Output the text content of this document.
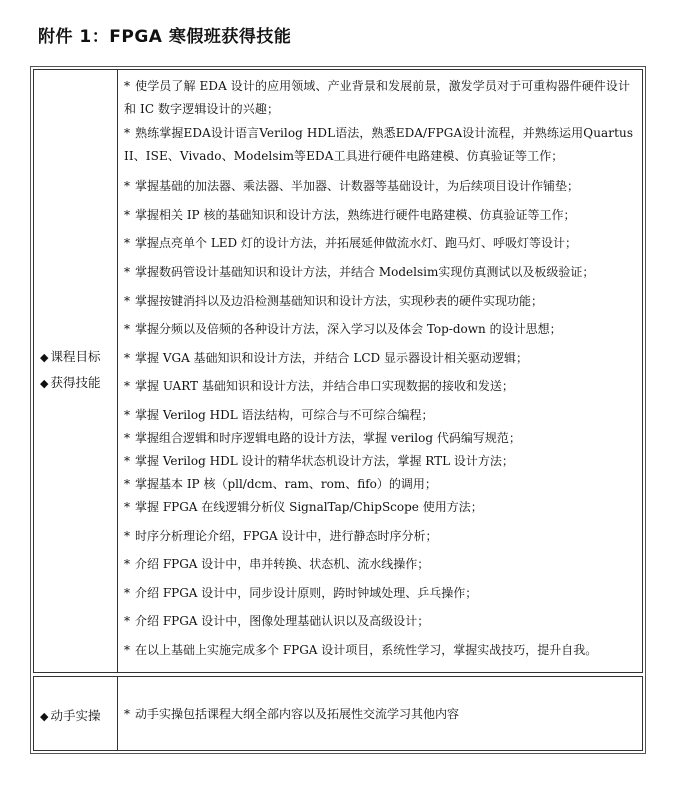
附件 1：FPGA 寒假班获得技能
◆ 课程目标
◆ 获得技能
* 使学员了解 EDA 设计的应用领域、产业背景和发展前景，激发学员对于可重构器件硬件设计和 IC 数字逻辑设计的兴趣；
* 熟练掌握EDA设计语言Verilog HDL语法，熟悉EDA/FPGA设计流程，并熟练运用Quartus II、ISE、Vivado、Modelsim等EDA工具进行硬件电路建模、仿真验证等工作；
* 掌握基础的加法器、乘法器、半加器、计数器等基础设计，为后续项目设计作铺垫；
* 掌握相关 IP 核的基础知识和设计方法，熟练进行硬件电路建模、仿真验证等工作；
* 掌握点亮单个 LED 灯的设计方法，并拓展延伸做流水灯、跑马灯、呼吸灯等设计；
* 掌握数码管设计基础知识和设计方法，并结合 Modelsim实现仿真测试以及板级验证；
* 掌握按键消抖以及边沿检测基础知识和设计方法，实现秒表的硬件实现功能；
* 掌握分频以及倍频的各种设计方法，深入学习以及体会 Top-down 的设计思想；
* 掌握 VGA 基础知识和设计方法，并结合 LCD 显示器设计相关驱动逻辑；
* 掌握 UART 基础知识和设计方法，并结合串口实现数据的接收和发送；
* 掌握 Verilog HDL 语法结构，可综合与不可综合编程；
* 掌握组合逻辑和时序逻辑电路的设计方法，掌握 verilog 代码编写规范；
* 掌握 Verilog HDL 设计的精华状态机设计方法，掌握 RTL 设计方法；
* 掌握基本 IP 核（pll/dcm、ram、rom、fifo）的调用；
* 掌握 FPGA 在线逻辑分析仪 SignalTap/ChipScope 使用方法；
* 时序分析理论介绍，FPGA 设计中，进行静态时序分析；
* 介绍 FPGA 设计中，串并转换、状态机、流水线操作；
* 介绍 FPGA 设计中，同步设计原则，跨时钟域处理、乒乓操作；
* 介绍 FPGA 设计中，图像处理基础认识以及高级设计；
* 在以上基础上实施完成多个 FPGA 设计项目，系统性学习，掌握实战技巧，提升自我。
◆ 动手实操 * 动手实操包括课程大纲全部内容以及拓展性交流学习其他内容
